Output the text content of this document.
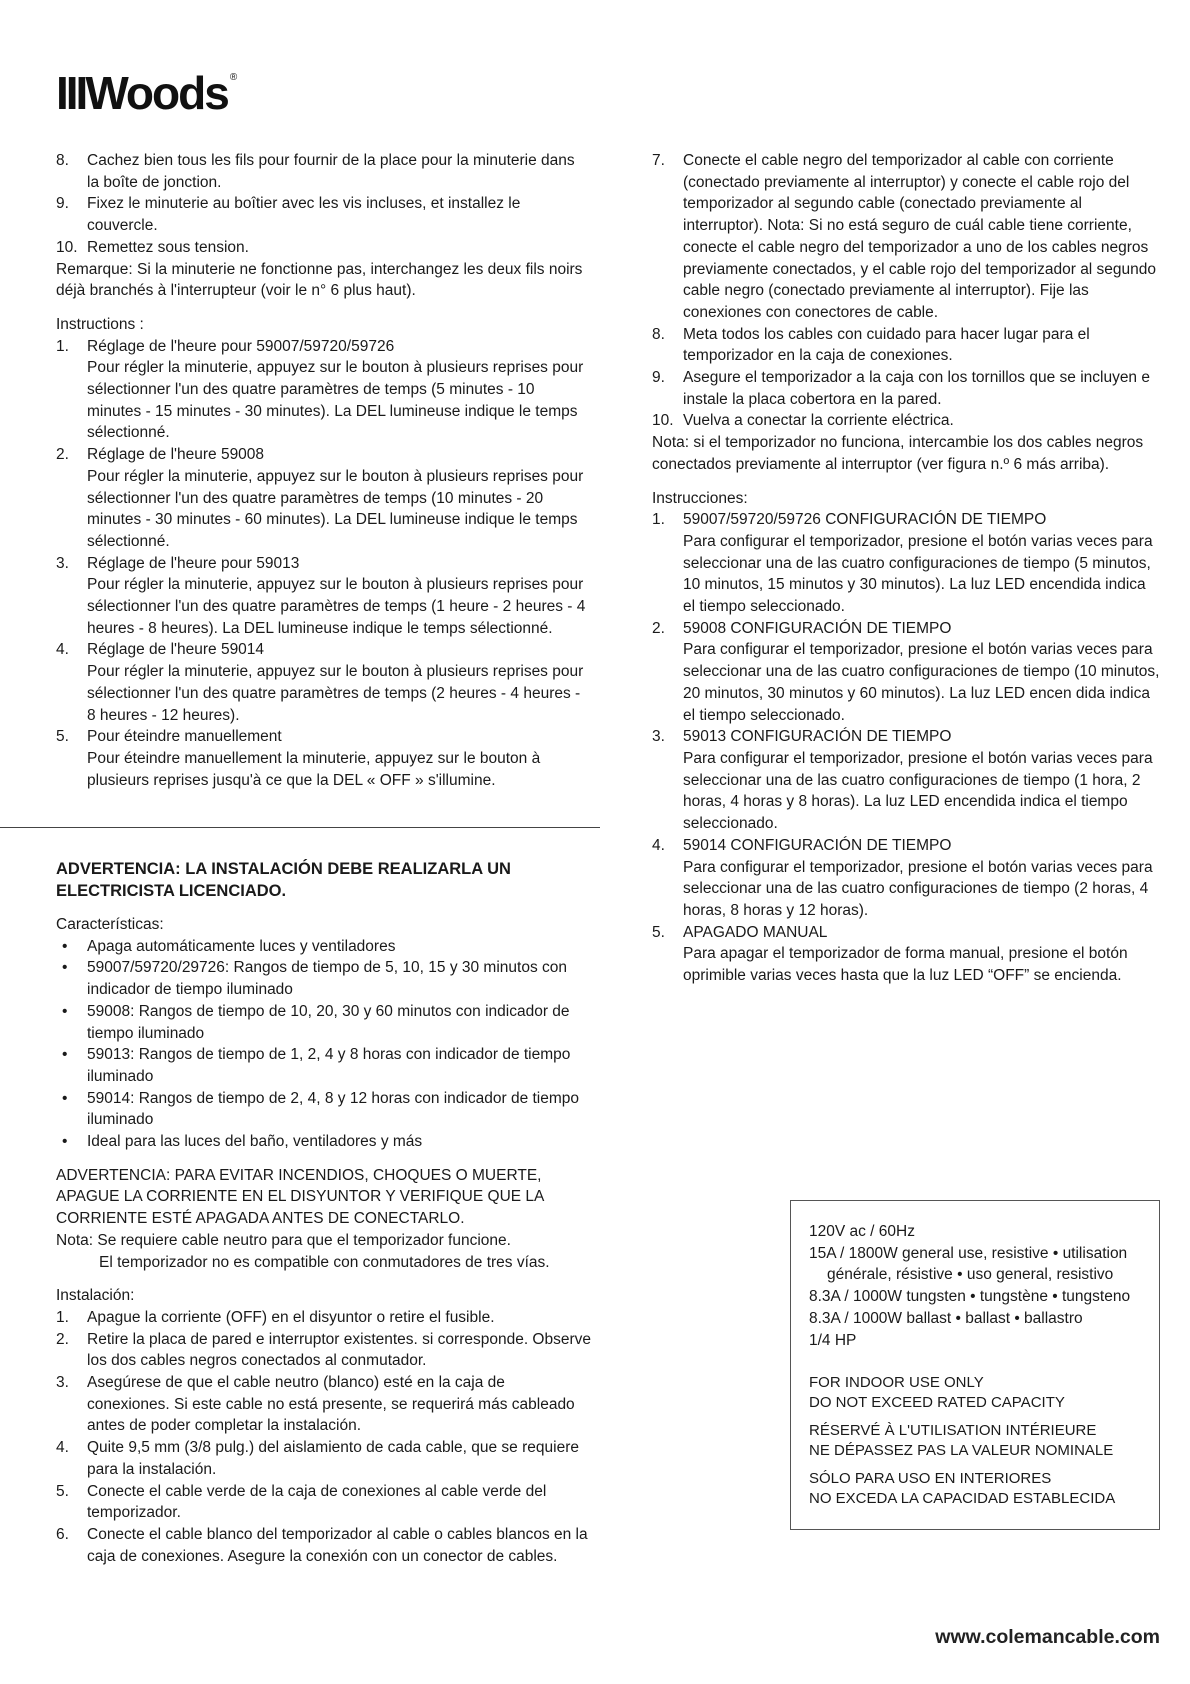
IIIWoods ®
8.	Cachez bien tous les fils pour fournir de la place pour la minuterie dans la boîte de jonction.
9.	Fixez le minuterie au boîtier avec les vis incluses, et installez le couvercle.
10. Remettez sous tension.

Remarque: Si la minuterie ne fonctionne pas, interchangez les deux fils noirs déjà branchés à l'interrupteur (voir le n° 6 plus haut).

Instructions :

1.	Réglage de l'heure pour 59007/59720/59726
Pour régler la minuterie, appuyez sur le bouton à plusieurs reprises pour sélectionner l'un des quatre paramètres de temps (5 minutes - 10 minutes - 15 minutes - 30 minutes). La DEL lumineuse indique le temps sélectionné.
2.	Réglage de l'heure 59008
Pour régler la minuterie, appuyez sur le bouton à plusieurs reprises pour sélectionner l'un des quatre paramètres de temps (10 minutes - 20 minutes - 30 minutes - 60 minutes). La DEL lumineuse indique le temps sélectionné.
3.	Réglage de l'heure pour 59013
Pour régler la minuterie, appuyez sur le bouton à plusieurs reprises pour sélectionner l'un des quatre paramètres de temps (1 heure - 2 heures - 4 heures - 8 heures). La DEL lumineuse indique le temps sélectionné.
4.	Réglage de l'heure 59014
Pour régler la minuterie, appuyez sur le bouton à plusieurs reprises pour sélectionner l'un des quatre paramètres de temps (2 heures - 4 heures - 8 heures - 12 heures).
5.	Pour éteindre manuellement
Pour éteindre manuellement la minuterie, appuyez sur le bouton à plusieurs reprises jusqu'à ce que la DEL « OFF » s'illumine.

ADVERTENCIA: LA INSTALACIÓN DEBE REALIZARLA UN ELECTRICISTA LICENCIADO.

Características:

•	Apaga automáticamente luces y ventiladores
•	59007/59720/29726: Rangos de tiempo de 5, 10, 15 y 30 minutos con indicador de tiempo iluminado
•	59008: Rangos de tiempo de 10, 20, 30 y 60 minutos con indicador de tiempo iluminado
•	59013: Rangos de tiempo de 1, 2, 4 y 8 horas con indicador de tiempo iluminado
•	59014: Rangos de tiempo de 2, 4, 8 y 12 horas con indicador de tiempo iluminado
•	Ideal para las luces del baño, ventiladores y más

ADVERTENCIA: PARA EVITAR INCENDIOS, CHOQUES O MUERTE, APAGUE LA CORRIENTE EN EL DISYUNTOR Y VERIFIQUE QUE LA CORRIENTE ESTÉ APAGADA ANTES DE CONECTARLO.

Nota: Se requiere cable neutro para que el temporizador funcione.

El temporizador no es compatible con conmutadores de tres vías.

Instalación:

1.	Apague la corriente (OFF) en el disyuntor o retire el fusible.
2.	Retire la placa de pared e interruptor existentes. si corresponde. Observe los dos cables negros conectados al conmutador.
3.	Asegúrese de que el cable neutro (blanco) esté en la caja de conexiones. Si este cable no está presente, se requerirá más cableado antes de poder completar la instalación.
4.	Quite 9,5 mm (3/8 pulg.) del aislamiento de cada cable, que se requiere para la instalación.
5.	Conecte el cable verde de la caja de conexiones al cable verde del temporizador.
6.	Conecte el cable blanco del temporizador al cable o cables blancos en la caja de conexiones. Asegure la conexión con un conector de cables.
7.	Conecte el cable negro del temporizador al cable con corriente (conectado previamente al interruptor) y conecte el cable rojo del temporizador al segundo cable (conectado previamente al interruptor). Nota: Si no está seguro de cuál cable tiene corriente, conecte el cable negro del temporizador a uno de los cables negros previamente conectados, y el cable rojo del temporizador al segundo cable negro (conectado previamente al interruptor). Fije las conexiones con conectores de cable.
8.	Meta todos los cables con cuidado para hacer lugar para el temporizador en la caja de conexiones.
9.	Asegure el temporizador a la caja con los tornillos que se incluyen e instale la placa cobertora en la pared.
10. Vuelva a conectar la corriente eléctrica.

Nota: si el temporizador no funciona, intercambie los dos cables negros conectados previamente al interruptor (ver figura n.º 6 más arriba).

Instrucciones:

1.	59007/59720/59726 CONFIGURACIÓN DE TIEMPO
Para configurar el temporizador, presione el botón varias veces para seleccionar una de las cuatro configuraciones de tiempo (5 minutos, 10 minutos, 15 minutos y 30 minutos). La luz LED encendida indica el tiempo seleccionado.
2.	59008 CONFIGURACIÓN DE TIEMPO
Para configurar el temporizador, presione el botón varias veces para seleccionar una de las cuatro configuraciones de tiempo (10 minutos, 20 minutos, 30 minutos y 60 minutos). La luz LED encen dida indica el tiempo seleccionado.
3.	59013 CONFIGURACIÓN DE TIEMPO
Para configurar el temporizador, presione el botón varias veces para seleccionar una de las cuatro configuraciones de tiempo (1 hora, 2 horas, 4 horas y 8 horas). La luz LED encendida indica el tiempo seleccionado.
4.	59014 CONFIGURACIÓN DE TIEMPO
Para configurar el temporizador, presione el botón varias veces para seleccionar una de las cuatro configuraciones de tiempo (2 horas, 4 horas, 8 horas y 12 horas).
5.	APAGADO MANUAL
Para apagar el temporizador de forma manual, presione el botón oprimible varias veces hasta que la luz LED “OFF” se encienda.
120V ac / 60Hz
15A / 1800W general use, resistive • utilisation générale, résistive • uso general, resistivo
8.3A / 1000W tungsten • tungstène • tungsteno
8.3A / 1000W ballast • ballast • ballastro
1/4 HP
FOR INDOOR USE ONLY
DO NOT EXCEED RATED CAPACITY
RÉSERVÉ À L'UTILISATION INTÉRIEURE
NE DÉPASSEZ PAS LA VALEUR NOMINALE
SÓLO PARA USO EN INTERIORES
NO EXCEDA LA CAPACIDAD ESTABLECIDA
www.colemancable.com
